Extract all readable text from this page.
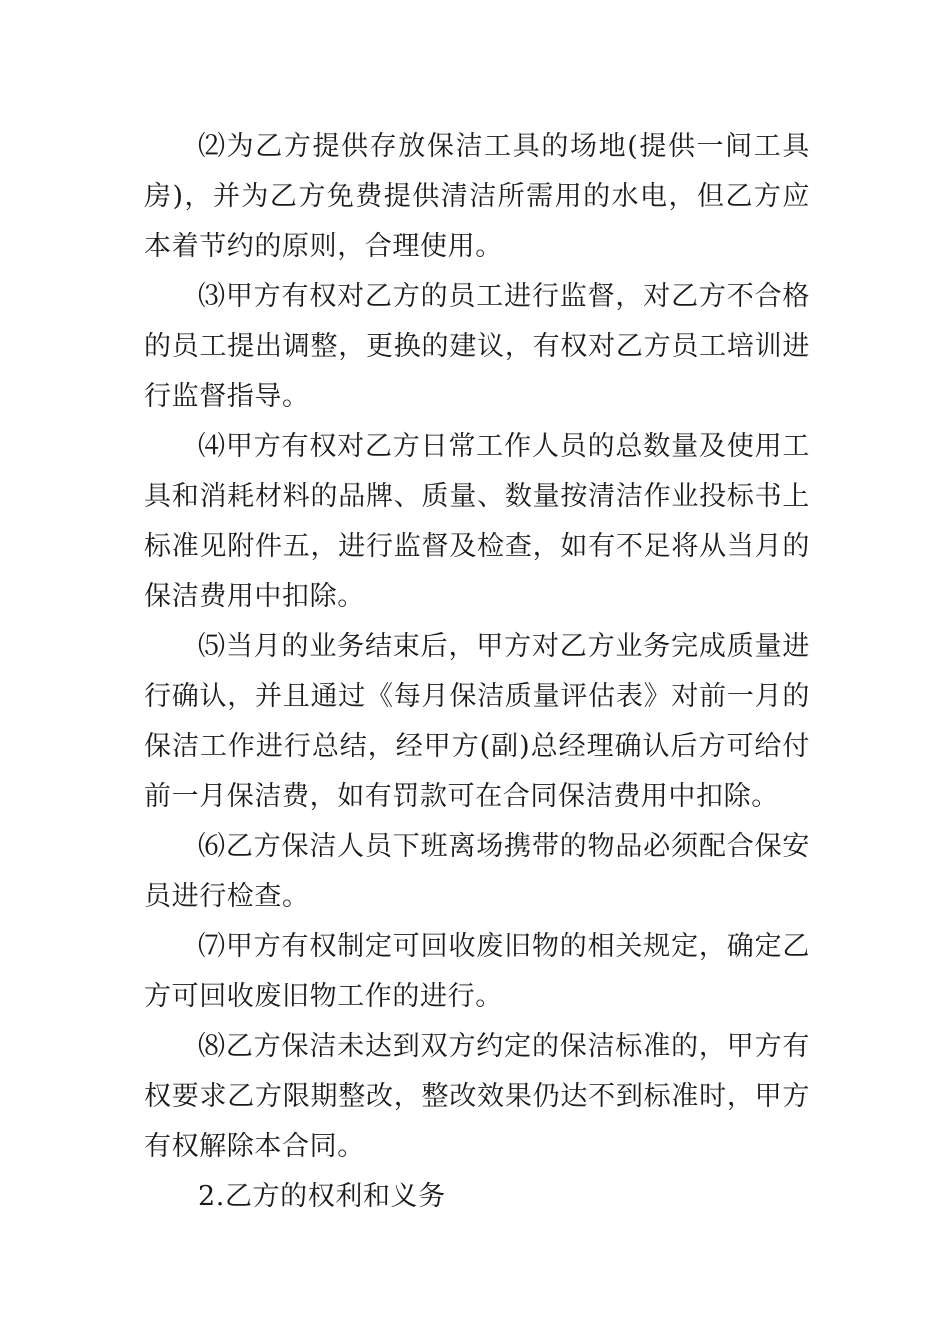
⑵为乙方提供存放保洁工具的场地(提供一间工具房)，并为乙方免费提供清洁所需用的水电，但乙方应本着节约的原则，合理使用。

⑶甲方有权对乙方的员工进行监督，对乙方不合格的员工提出调整，更换的建议，有权对乙方员工培训进行监督指导。

⑷甲方有权对乙方日常工作人员的总数量及使用工具和消耗材料的品牌、质量、数量按清洁作业投标书上标准见附件五，进行监督及检查，如有不足将从当月的保洁费用中扣除。

⑸当月的业务结束后，甲方对乙方业务完成质量进行确认，并且通过《每月保洁质量评估表》对前一月的保洁工作进行总结，经甲方(副)总经理确认后方可给付前一月保洁费，如有罚款可在合同保洁费用中扣除。

⑹乙方保洁人员下班离场携带的物品必须配合保安员进行检查。

⑺甲方有权制定可回收废旧物的相关规定，确定乙方可回收废旧物工作的进行。

⑻乙方保洁未达到双方约定的保洁标准的，甲方有权要求乙方限期整改，整改效果仍达不到标准时，甲方有权解除本合同。

2.乙方的权利和义务
